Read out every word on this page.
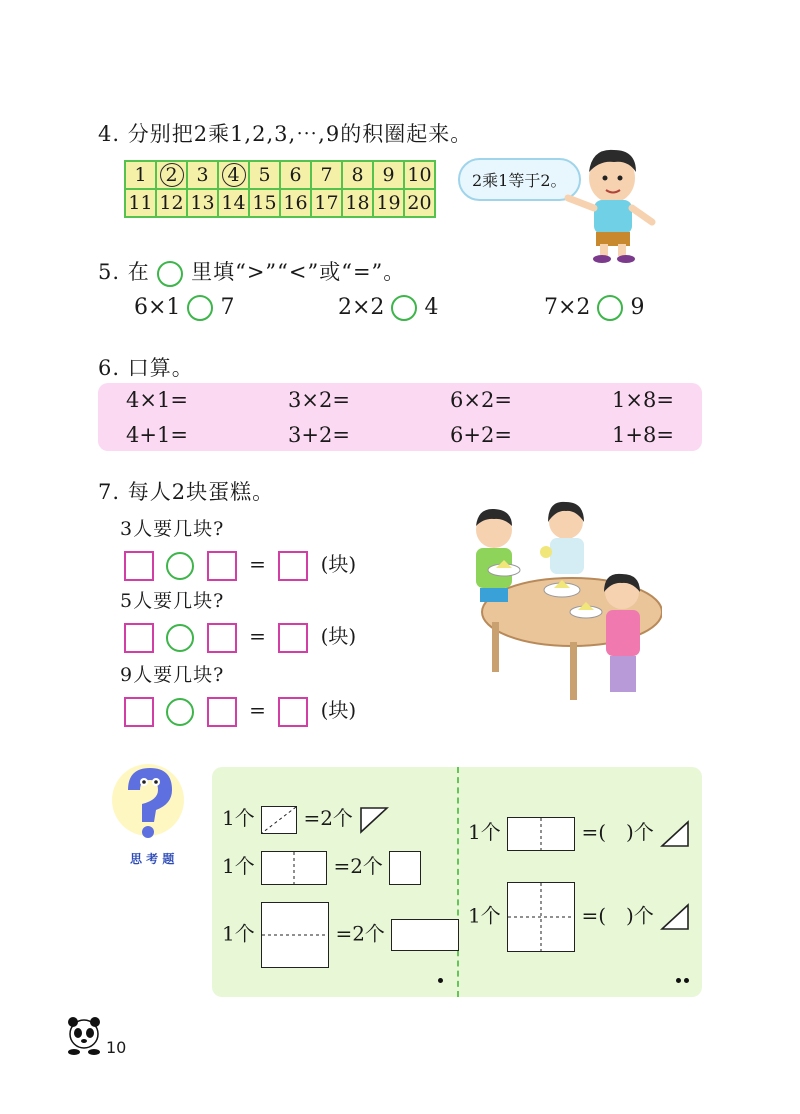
4. 分别把2乘1,2,3,⋯,9的积圈起来。
1	2	3	4	5	6	7	8	9	10
11	12	13	14	15	16	17	18	19	20
2乘1等于2。
5. 在 里填“>”“<”或“=”。
6×1 7	2×2 4	7×2 9
6. 口算。
4×1=	3×2=	6×2=	1×8=
4+1=	3+2=	6+2=	1+8=
7. 每人2块蛋糕。
3人要几块?
=	(块)
5人要几块?
=	(块)
9人要几块?
=	(块)
思 考 题
1个 =2个
1个	=2个
1个	=2个
1个	=(　)个
1个	=(　)个
10
